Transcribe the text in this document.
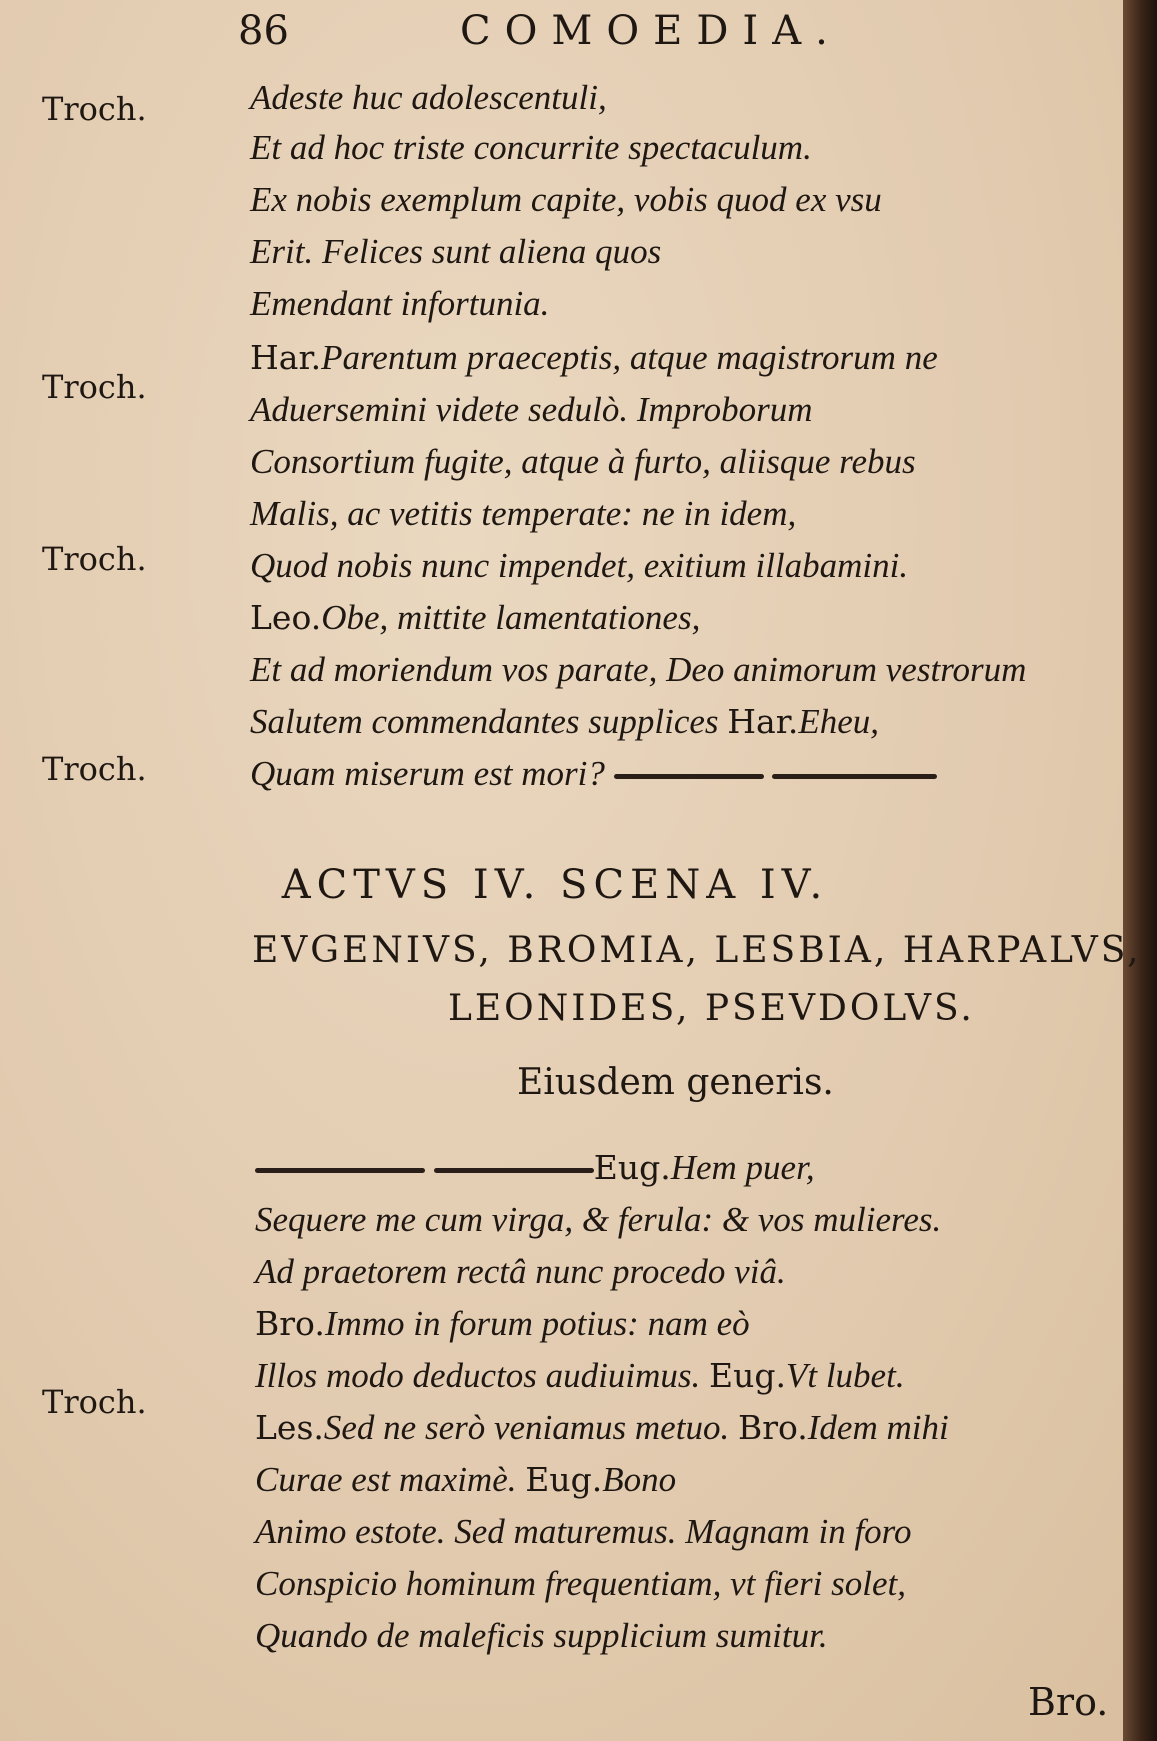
86	COMOEDIA.
Troch.
Troch.
Troch.
Troch.
Troch.
Adeste huc adolescentuli,
Et ad hoc triste concurrite spectaculum.
Ex nobis exemplum capite, vobis quod ex vsu
Erit. Felices sunt aliena quos
Emendant infortunia.
Har.Parentum praeceptis, atque magistrorum ne
Aduersemini videte sedulò. Improborum
Consortium fugite, atque à furto, aliisque rebus
Malis, ac vetitis temperate: ne in idem,
Quod nobis nunc impendet, exitium illabamini.
Leo.Obe, mittite lamentationes,
Et ad moriendum vos parate, Deo animorum vestrorum
Salutem commendantes supplices Har.Eheu,
Quam miserum est mori?
ACTVS IV. SCENA IV.
EVGENIVS, BROMIA, LESBIA, HARPALVS,
LEONIDES, PSEVDOLVS.
Eiusdem generis.
Eug.Hem puer,
Sequere me cum virga, & ferula: & vos mulieres.
Ad praetorem rectâ nunc procedo viâ.
Bro.Immo in forum potius: nam eò
Illos modo deductos audiuimus. Eug.Vt lubet.
Les.Sed ne serò veniamus metuo. Bro.Idem mihi
Curae est maximè. Eug.Bono
Animo estote. Sed maturemus. Magnam in foro
Conspicio hominum frequentiam, vt fieri solet,
Quando de maleficis supplicium sumitur.
Bro.
